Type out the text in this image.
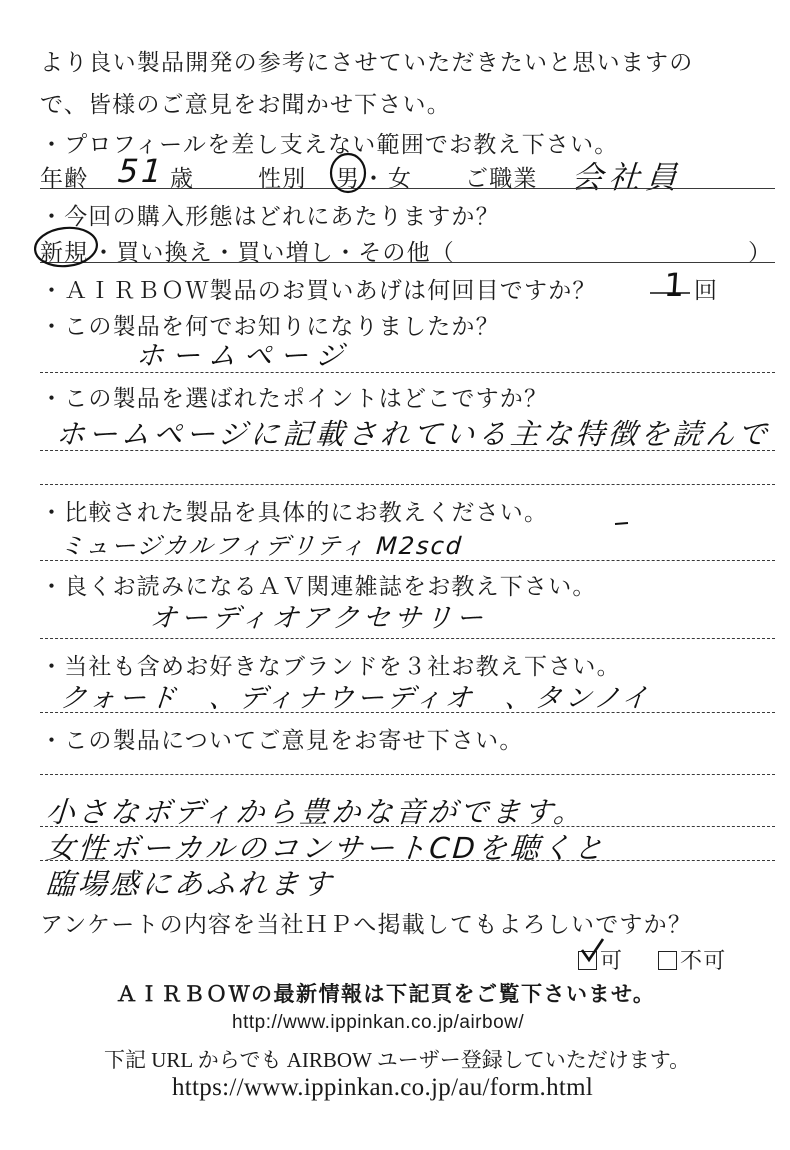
より良い製品開発の参考にさせていただきたいと思いますの
で、皆様のご意見をお聞かせ下さい。
・プロフィールを差し支えない範囲でお教え下さい。
年齢 51 歳	性別 男 ・ 女 ご職業 会社員
・今回の購入形態はどれにあたりますか？
新規 ・買い換え・買い増し・その他（	）
・ＡＩＲＢＯＷ製品のお買いあげは何回目ですか？ 1 回
・この製品を何でお知りになりましたか？
ホームページ
・この製品を選ばれたポイントはどこですか？
ホームページに記載されている主な特徴を読んで
・比較された製品を具体的にお教えください。
ミュージカルフィデリティ M2scd
・良くお読みになるＡＶ関連雑誌をお教え下さい。
オーディオアクセサリー
・当社も含めお好きなブランドを３社お教え下さい。
クォード　、ディナウーディオ　、タンノイ
・この製品についてご意見をお寄せ下さい。
小さなボディから豊かな音がでます。
女性ボーカルのコンサートCDを聴くと
臨場感にあふれます
アンケートの内容を当社ＨＰへ掲載してもよろしいですか？
可	不可
ＡＩＲＢＯＷの最新情報は下記頁をご覧下さいませ。
http://www.ippinkan.co.jp/airbow/
下記 URL からでも AIRBOW ユーザー登録していただけます。
https://www.ippinkan.co.jp/au/form.html
